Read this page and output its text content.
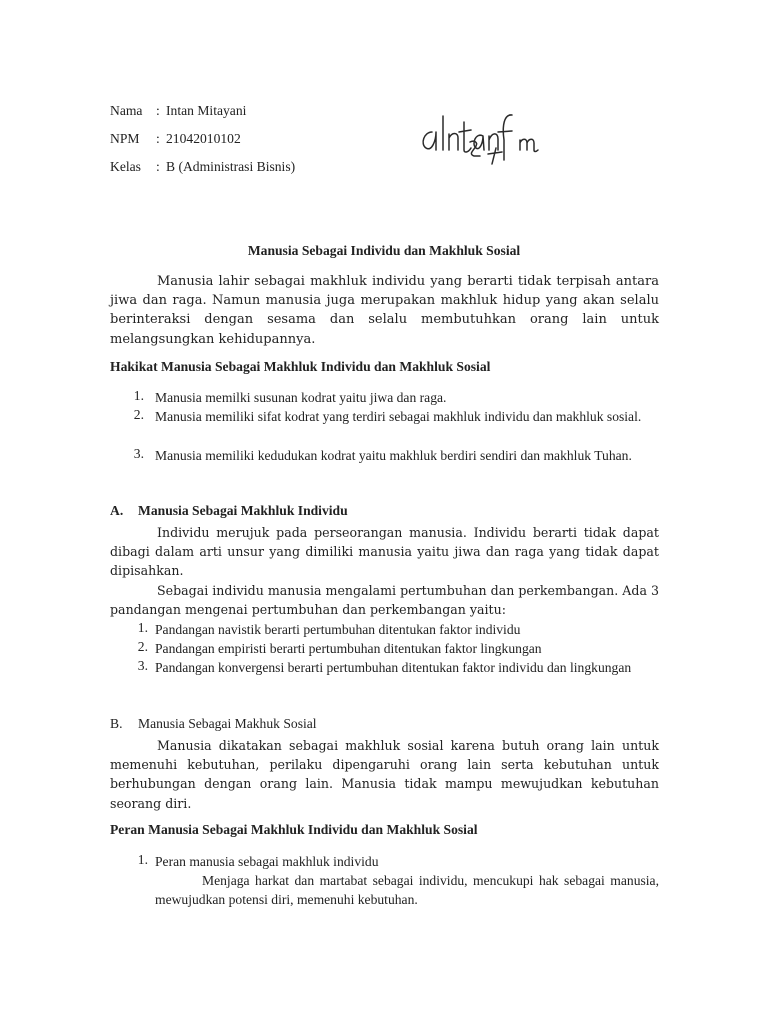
Nama : Intan Mitayani
NPM : 21042010102
Kelas : B (Administrasi Bisnis)
Manusia Sebagai Individu dan Makhluk Sosial
Manusia lahir sebagai makhluk individu yang berarti tidak terpisah antara jiwa dan raga. Namun manusia juga merupakan makhluk hidup yang akan selalu berinteraksi dengan sesama dan selalu membutuhkan orang lain untuk melangsungkan kehidupannya.
Hakikat Manusia Sebagai Makhluk Individu dan Makhluk Sosial
1. Manusia memilki susunan kodrat yaitu jiwa dan raga.
2. Manusia memiliki sifat kodrat yang terdiri sebagai makhluk individu dan makhluk sosial.
3. Manusia memiliki kedudukan kodrat yaitu makhluk berdiri sendiri dan makhluk Tuhan.
A. Manusia Sebagai Makhluk Individu
Individu merujuk pada perseorangan manusia. Individu berarti tidak dapat dibagi dalam arti unsur yang dimiliki manusia yaitu jiwa dan raga yang tidak dapat dipisahkan.
Sebagai individu manusia mengalami pertumbuhan dan perkembangan. Ada 3 pandangan mengenai pertumbuhan dan perkembangan yaitu:
1. Pandangan navistik berarti pertumbuhan ditentukan faktor individu
2. Pandangan empiristi berarti pertumbuhan ditentukan faktor lingkungan
3. Pandangan konvergensi berarti pertumbuhan ditentukan faktor individu dan lingkungan
B. Manusia Sebagai Makhuk Sosial
Manusia dikatakan sebagai makhluk sosial karena butuh orang lain untuk memenuhi kebutuhan, perilaku dipengaruhi orang lain serta kebutuhan untuk berhubungan dengan orang lain. Manusia tidak mampu mewujudkan kebutuhan seorang diri.
Peran Manusia Sebagai Makhluk Individu dan Makhluk Sosial
1. Peran manusia sebagai makhluk individu
Menjaga harkat dan martabat sebagai individu, mencukupi hak sebagai manusia, mewujudkan potensi diri, memenuhi kebutuhan.
